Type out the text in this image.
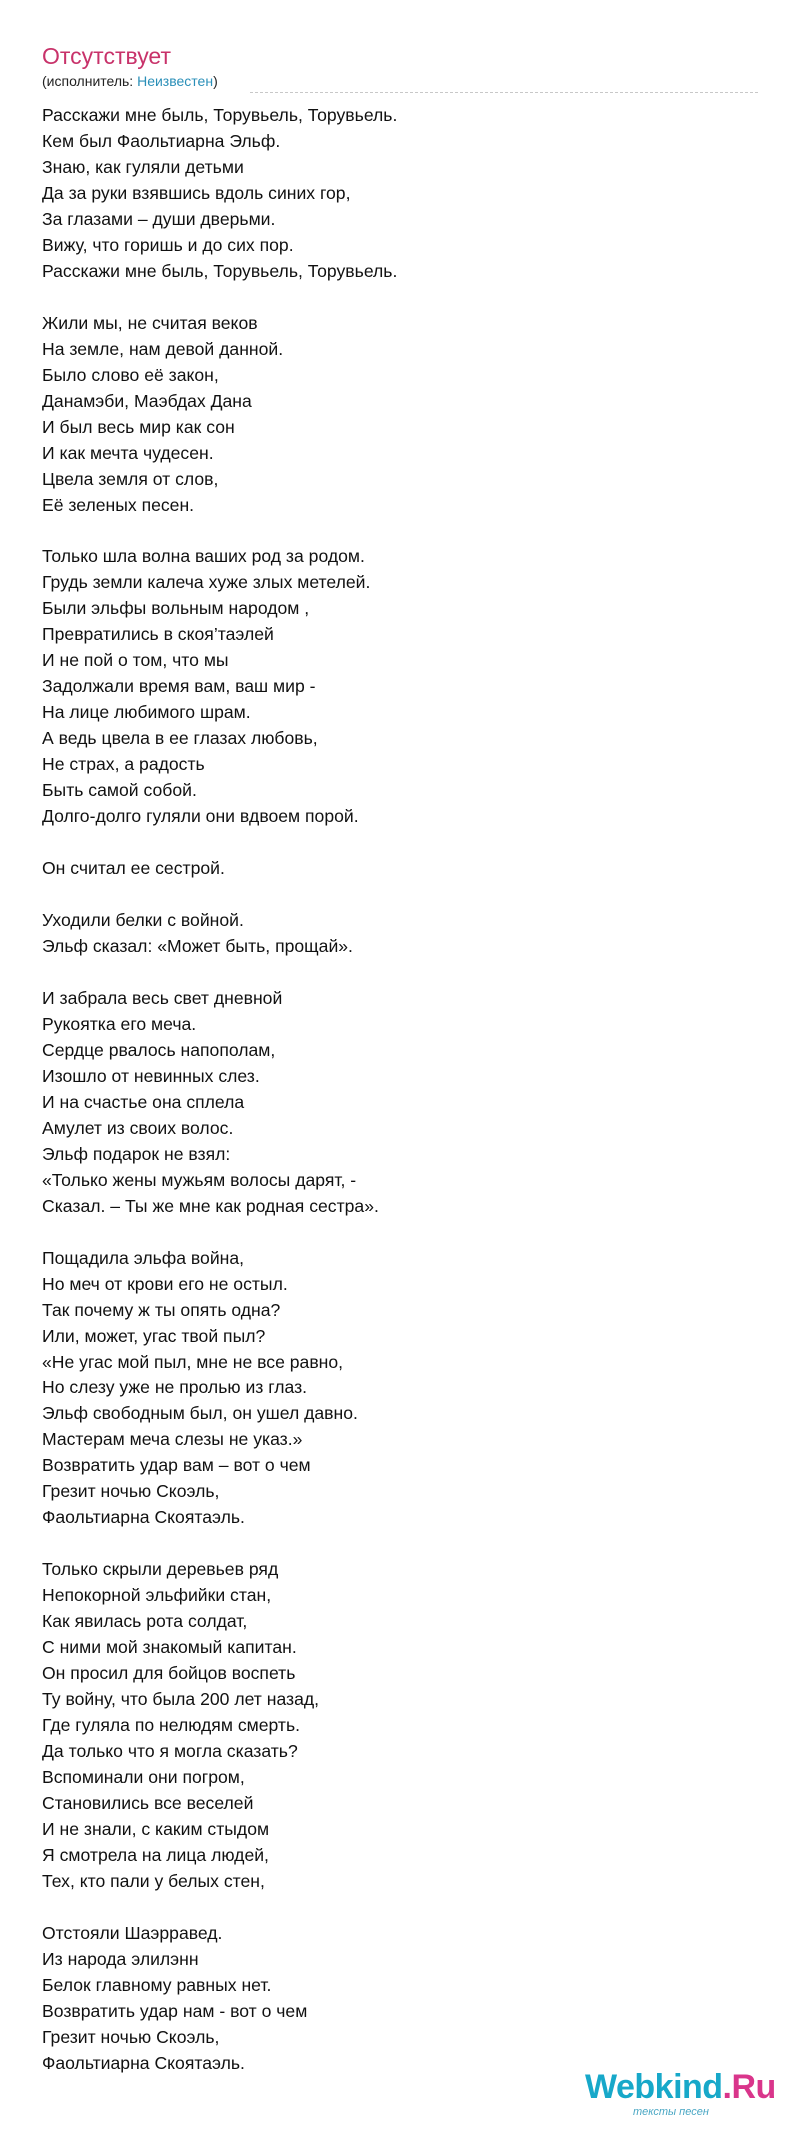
Отсутствует
(исполнитель: Неизвестен)
Расскажи мне быль, Торувьель, Торувьель.
Кем был Фаольтиарна Эльф.
Знаю, как гуляли детьми
Да за руки взявшись вдоль синих гор,
За глазами – души дверьми.
Вижу, что горишь и до сих пор.
Расскажи мне быль, Торувьель, Торувьель.
Жили мы, не считая веков
На земле, нам девой данной.
Было слово её закон,
Данамэби, Маэбдах Дана
И был весь мир как сон
И как мечта чудесен.
Цвела земля от слов,
Её зеленых песен.
Только шла волна ваших род за родом.
Грудь земли калеча хуже злых метелей.
Были эльфы вольным народом ,
Превратились в скоя’таэлей
И не пой о том, что мы
Задолжали время вам, ваш мир -
На лице любимого шрам.
А ведь цвела в ее глазах любовь,
Не страх, а радость
Быть самой собой.
Долго-долго гуляли они вдвоем порой.
Он считал ее сестрой.
Уходили белки с войной.
Эльф сказал: «Может быть, прощай».
И забрала весь свет дневной
Рукоятка его меча.
Сердце рвалось напополам,
Изошло от невинных слез.
И на счастье она сплела
Амулет из своих волос.
Эльф подарок не взял:
«Только жены мужьям волосы дарят, -
Сказал. – Ты же мне как родная сестра».
Пощадила эльфа война,
Но меч от крови его не остыл.
Так почему ж ты опять одна?
Или, может, угас твой пыл?
«Не угас мой пыл, мне не все равно,
Но слезу уже не пролью из глаз.
Эльф свободным был, он ушел давно.
Мастерам меча слезы не указ.»
Возвратить удар вам – вот о чем
Грезит ночью Скоэль,
Фаольтиарна Скоятаэль.
Только скрыли деревьев ряд
Непокорной эльфийки стан,
Как явилась рота солдат,
С ними мой знакомый капитан.
Он просил для бойцов воспеть
Ту войну, что была 200 лет назад,
Где гуляла по нелюдям смерть.
Да только что я могла сказать?
Вспоминали они погром,
Становились все веселей
И не знали, с каким стыдом
Я смотрела на лица людей,
Тех, кто пали у белых стен,
Отстояли Шаэрравед.
Из народа элилэнн
Белок главному равных нет.
Возвратить удар нам - вот о чем
Грезит ночью Скоэль,
Фаольтиарна Скоятаэль.
Webkind.Ru
тексты песен
